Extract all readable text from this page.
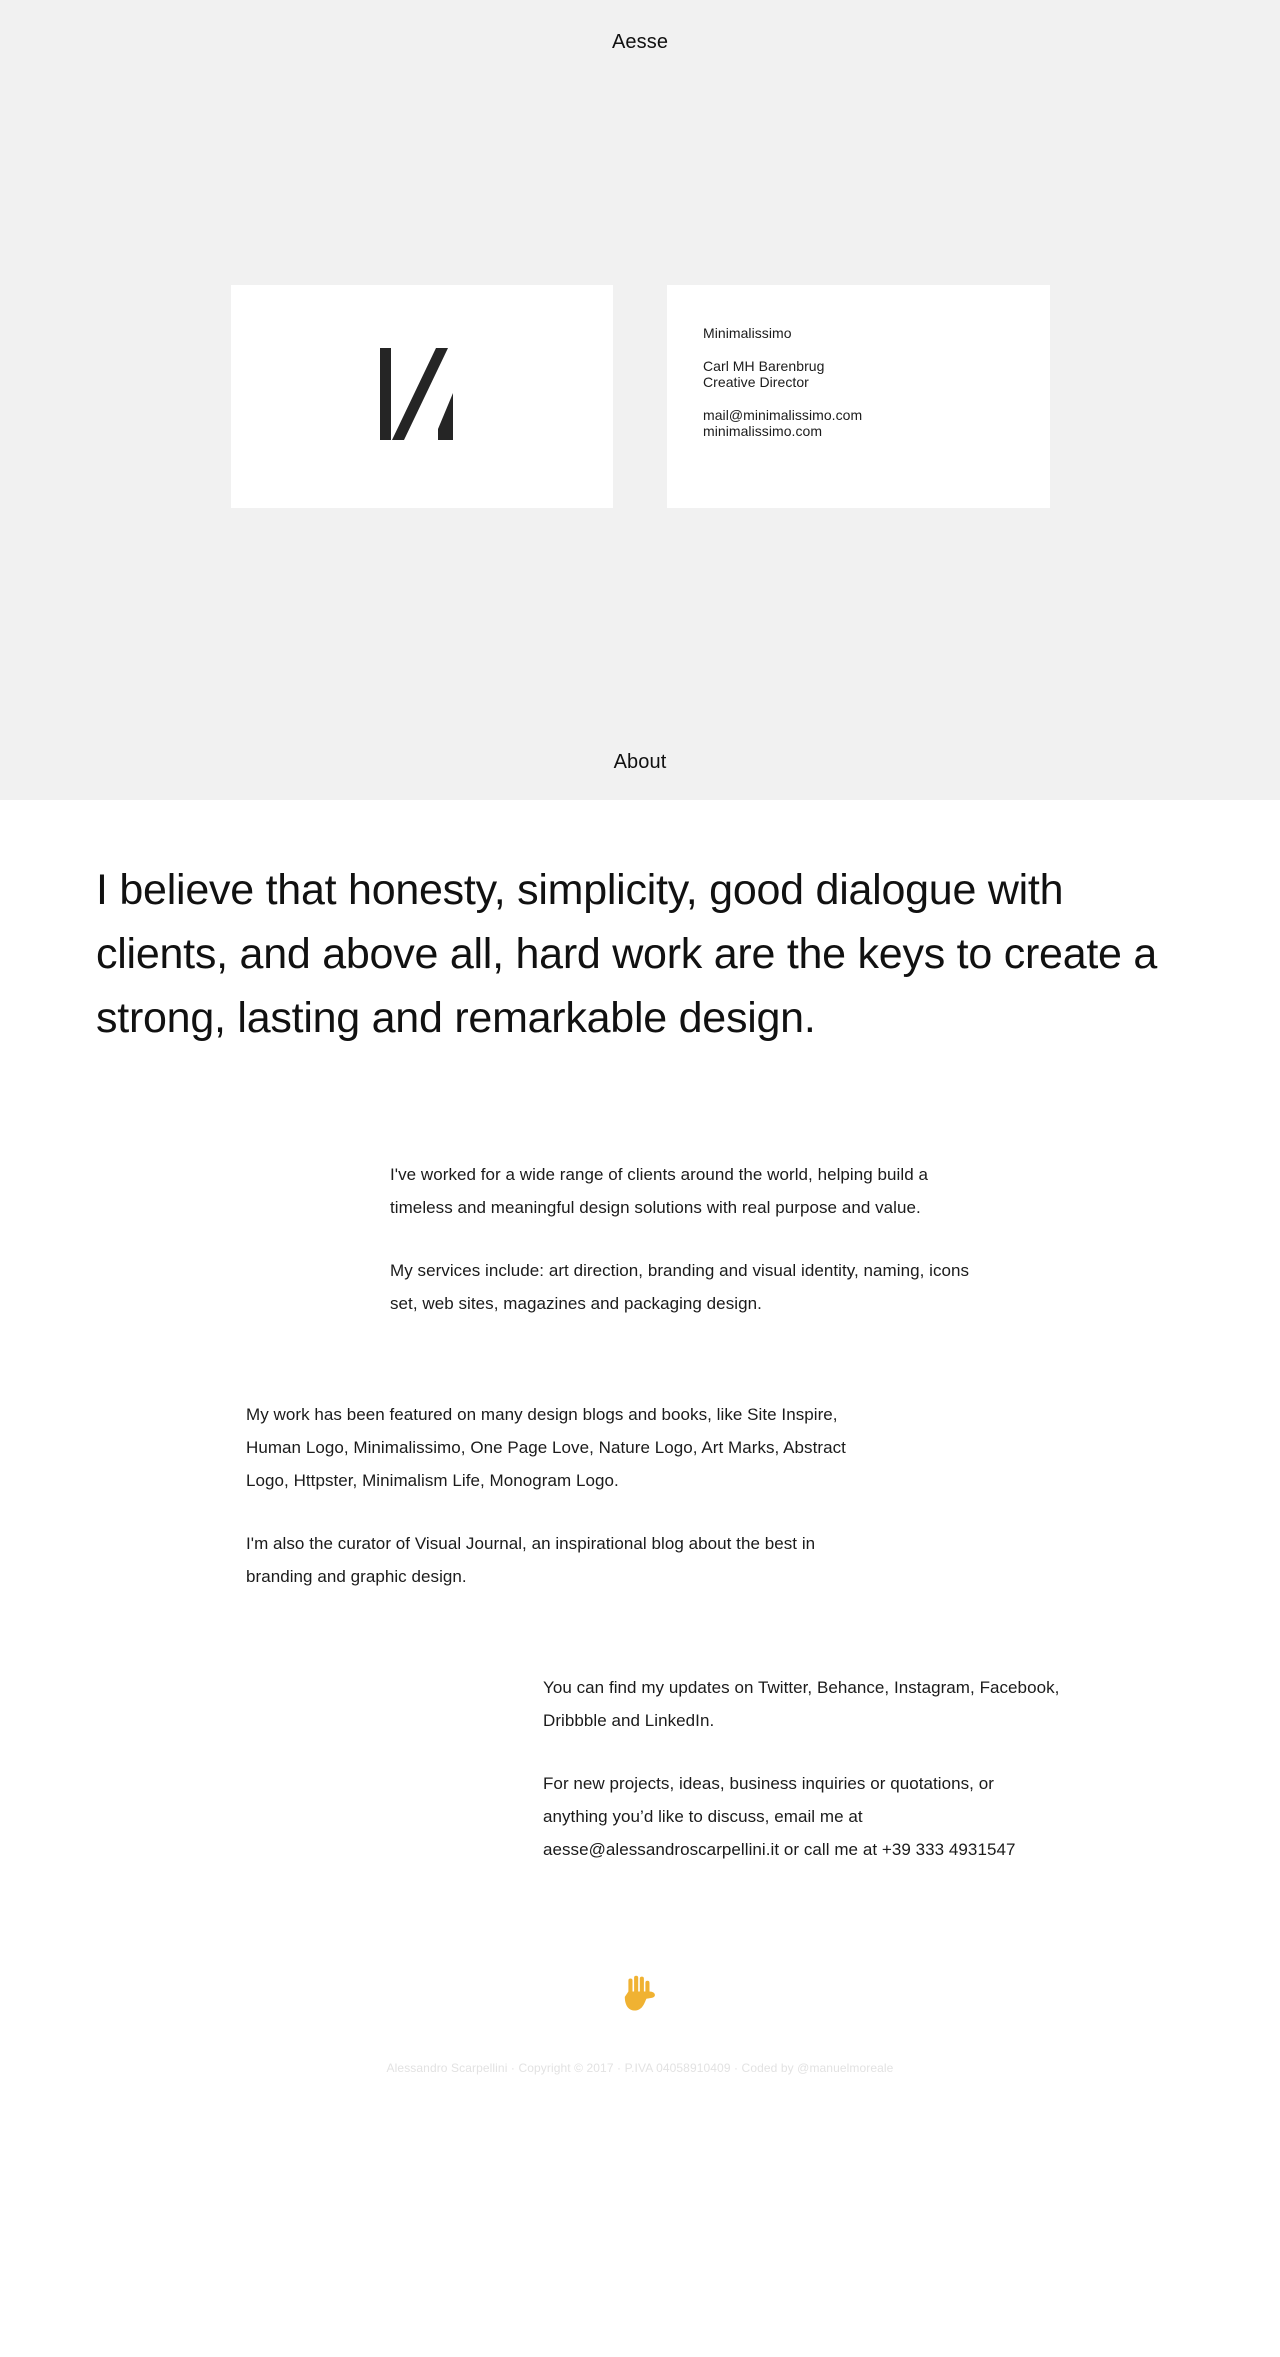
Aesse
Minimalissimo
Carl MH Barenbrug
Creative Director
mail@minimalissimo.com
minimalissimo.com
About
I believe that honesty, simplicity, good dialogue with clients, and above all, hard work are the keys to create a strong, lasting and remarkable design.

I've worked for a wide range of clients around the world, helping build a timeless and meaningful design solutions with real purpose and value.

My services include: art direction, branding and visual identity, naming, icons set, web sites, magazines and packaging design.

My work has been featured on many design blogs and books, like Site Inspire, Human Logo, Minimalissimo, One Page Love, Nature Logo, Art Marks, Abstract Logo, Httpster, Minimalism Life, Monogram Logo.

I'm also the curator of Visual Journal, an inspirational blog about the best in branding and graphic design.

You can find my updates on Twitter, Behance, Instagram, Facebook, Dribbble and LinkedIn.

For new projects, ideas, business inquiries or quotations, or anything you’d like to discuss, email me at aesse@alessandroscarpellini.it or call me at +39 333 4931547

Alessandro Scarpellini · Copyright © 2017 · P.IVA 04058910409 · Coded by @manuelmoreale
